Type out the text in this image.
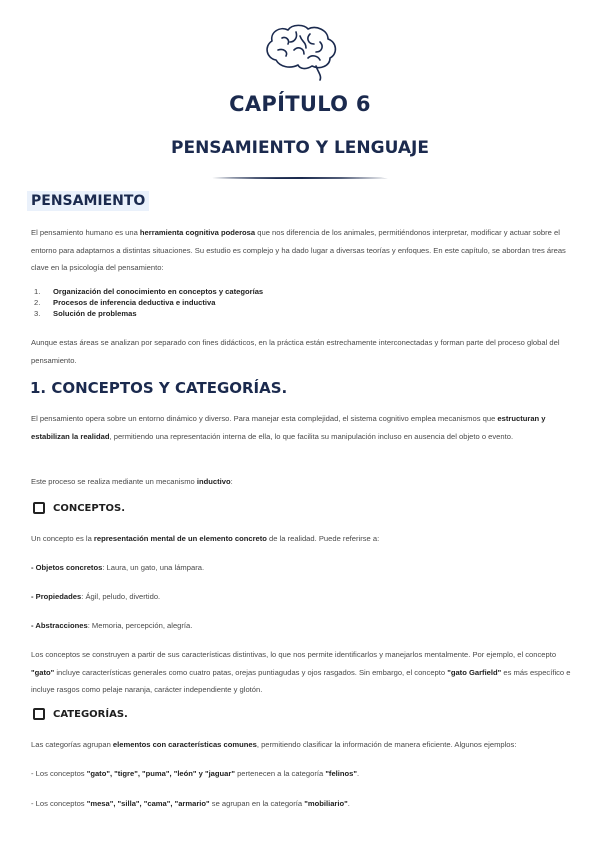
CAPÍTULO 6
PENSAMIENTO Y LENGUAJE
PENSAMIENTO
El pensamiento humano es una herramienta cognitiva poderosa que nos diferencia de los animales, permitiéndonos interpretar, modificar y actuar sobre el entorno para adaptarnos a distintas situaciones. Su estudio es complejo y ha dado lugar a diversas teorías y enfoques. En este capítulo, se abordan tres áreas clave en la psicología del pensamiento:
1.	Organización del conocimiento en conceptos y categorías
2.	Procesos de inferencia deductiva e inductiva
3.	Solución de problemas
Aunque estas áreas se analizan por separado con fines didácticos, en la práctica están estrechamente interconectadas y forman parte del proceso global del pensamiento.
1. CONCEPTOS Y CATEGORÍAS.
El pensamiento opera sobre un entorno dinámico y diverso. Para manejar esta complejidad, el sistema cognitivo emplea mecanismos que estructuran y estabilizan la realidad, permitiendo una representación interna de ella, lo que facilita su manipulación incluso en ausencia del objeto o evento.
Este proceso se realiza mediante un mecanismo inductivo:
CONCEPTOS.
Un concepto es la representación mental de un elemento concreto de la realidad. Puede referirse a:
- Objetos concretos: Laura, un gato, una lámpara.
- Propiedades: Ágil, peludo, divertido.
- Abstracciones: Memoria, percepción, alegría.
Los conceptos se construyen a partir de sus características distintivas, lo que nos permite identificarlos y manejarlos mentalmente. Por ejemplo, el concepto "gato" incluye características generales como cuatro patas, orejas puntiagudas y ojos rasgados. Sin embargo, el concepto "gato Garfield" es más específico e incluye rasgos como pelaje naranja, carácter independiente y glotón.
CATEGORÍAS.
Las categorías agrupan elementos con características comunes, permitiendo clasificar la información de manera eficiente. Algunos ejemplos:
- Los conceptos "gato", "tigre", "puma", "león" y "jaguar" pertenecen a la categoría "felinos".
- Los conceptos "mesa", "silla", "cama", "armario" se agrupan en la categoría "mobiliario".
